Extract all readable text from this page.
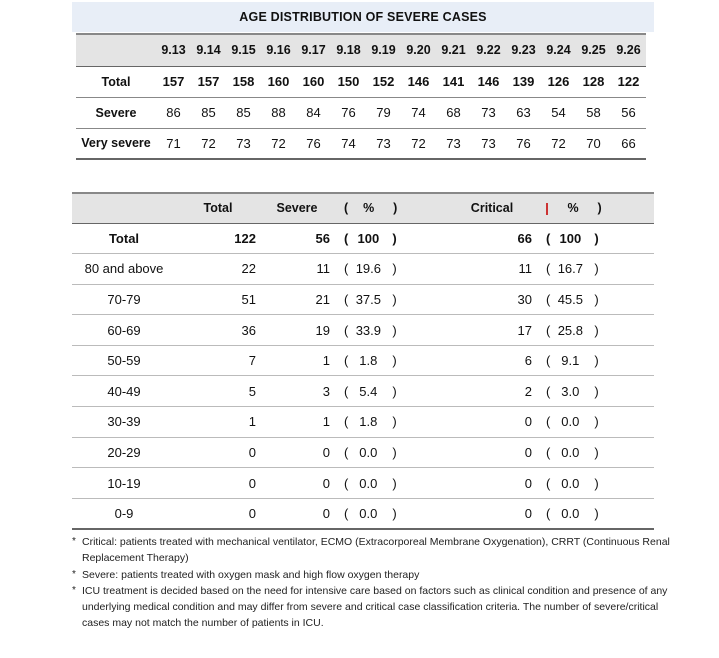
AGE DISTRIBUTION OF SEVERE CASES
	9.13	9.14	9.15	9.16	9.17	9.18	9.19	9.20	9.21	9.22	9.23	9.24	9.25	9.26
Total	157	157	158	160	160	150	152	146	141	146	139	126	128	122
Severe	86	85	85	88	84	76	79	74	68	73	63	54	58	56
Very severe	71	72	73	72	76	74	73	72	73	73	76	72	70	66
	Total	Severe	( % )	Critical	% )
Total	122	56	( 100 )	66	( 100 )
80 and above	22	11	( 19.6 )	11	( 16.7 )
70-79	51	21	( 37.5 )	30	( 45.5 )
60-69	36	19	( 33.9 )	17	( 25.8 )
50-59	7	1	( 1.8 )	6	( 9.1 )
40-49	5	3	( 5.4 )	2	( 3.0 )
30-39	1	1	( 1.8 )	0	( 0.0 )
20-29	0	0	( 0.0 )	0	( 0.0 )
10-19	0	0	( 0.0 )	0	( 0.0 )
0-9	0	0	( 0.0 )	0	( 0.0 )
* Critical: patients treated with mechanical ventilator, ECMO (Extracorporeal Membrane Oxygenation), CRRT (Continuous Renal Replacement Therapy)
* Severe: patients treated with oxygen mask and high flow oxygen therapy
* ICU treatment is decided based on the need for intensive care based on factors such as clinical condition and presence of any underlying medical condition and may differ from severe and critical case classification criteria. The number of severe/critical cases may not match the number of patients in ICU.
